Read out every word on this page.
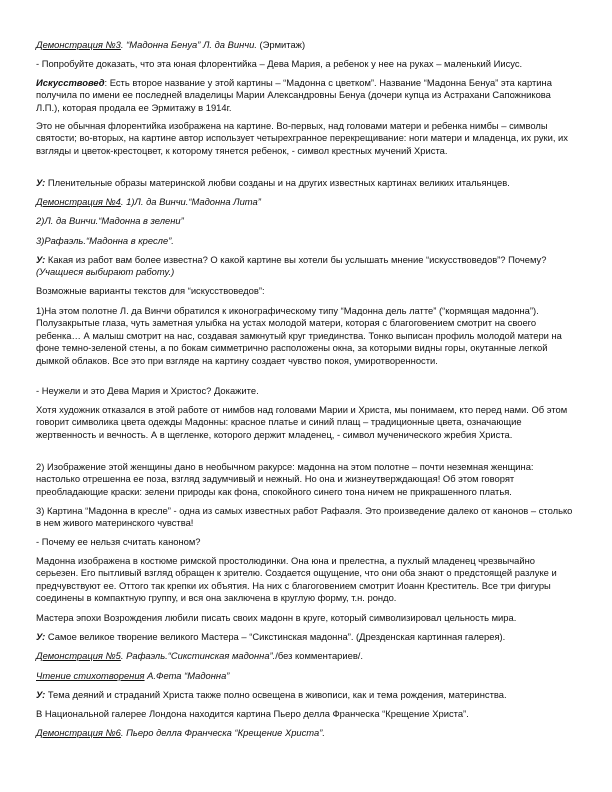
Демонстрация №3. “Мадонна Бенуа” Л. да Винчи. (Эрмитаж)

- Попробуйте доказать, что эта юная флорентийка – Дева Мария, а ребенок у нее на руках – маленький Иисус.

Искусствовед: Есть второе название у этой картины – “Мадонна с цветком”. Название “Мадонна Бенуа” эта картина получила по имени ее последней владелицы Марии Александровны Бенуа (дочери купца из Астрахани Сапожникова Л.П.), которая продала ее Эрмитажу в 1914г.

Это не обычная флорентийка изображена на картине. Во-первых, над головами матери и ребенка нимбы – символы святости; во-вторых, на картине автор использует четырехгранное перекрещивание: ноги матери и младенца, их руки, их взгляды и цветок-крестоцвет, к которому тянется ребенок, - символ крестных мучений Христа.

У: Пленительные образы материнской любви созданы и на других известных картинах великих итальянцев.

Демонстрация №4. 1)Л. да Винчи.“Мадонна Лита”

2)Л. да Винчи.“Мадонна в зелени”

3)Рафаэль.“Мадонна в кресле”.

У: Какая из работ вам более известна? О какой картине вы хотели бы услышать мнение “искусствоведов”? Почему? (Учащиеся выбирают работу.)

Возможные варианты текстов для “искусствоведов”:

1)На этом полотне Л. да Винчи обратился к иконографическому типу “Мадонна дель латте” (“кормящая мадонна”). Полузакрытые глаза, чуть заметная улыбка на устах молодой матери, которая с благоговением смотрит на своего ребенка… А малыш смотрит на нас, создавая замкнутый круг триединства. Тонко выписан профиль молодой матери на фоне темно-зеленой стены, а по бокам симметрично расположены окна, за которыми видны горы, окутанные легкой дымкой облаков. Все это при взгляде на картину создает чувство покоя, умиротворенности.

- Неужели и это Дева Мария и Христос? Докажите.

Хотя художник отказался в этой работе от нимбов над головами Марии и Христа, мы понимаем, кто перед нами. Об этом говорит символика цвета одежды Мадонны: красное платье и синий плащ – традиционные цвета, означающие жертвенность и вечность. А в щегленке, которого держит младенец, - символ мученического жребия Христа.

2) Изображение этой женщины дано в необычном ракурсе: мадонна на этом полотне – почти неземная женщина: настолько отрешенна ее поза, взгляд задумчивый и нежный. Но она и жизнеутверждающая! Об этом говорят преобладающие краски: зелени природы как фона, спокойного синего тона ничем не прикрашенного платья.

3) Картина “Мадонна в кресле” - одна из самых известных работ Рафаэля. Это произведение далеко от канонов – столько в нем живого материнского чувства!

- Почему ее нельзя считать каноном?

Мадонна изображена в костюме римской простолюдинки. Она юна и прелестна, а пухлый младенец чрезвычайно серьезен. Его пытливый взгляд обращен к зрителю. Создается ощущение, что они оба знают о предстоящей разлуке и предчувствуют ее. Оттого так крепки их объятия. На них с благоговением смотрит Иоанн Креститель. Все три фигуры соединены в компактную группу, и вся она заключена в круглую форму, т.н. рондо.

Мастера эпохи Возрождения любили писать своих мадонн в круге, который символизировал цельность мира.

У: Самое великое творение великого Мастера – “Сикстинская мадонна”. (Дрезденская картинная галерея).

Демонстрация №5. Рафаэль.“Сикстинская мадонна”./без комментариев/.

Чтение стихотворения А.Фета “Мадонна”

У: Тема деяний и страданий Христа также полно освещена в живописи, как и тема рождения, материнства.

В Национальной галерее Лондона находится картина Пьеро делла Франческа “Крещение Христа”.

Демонстрация №6. Пьеро делла Франческа “Крещение Христа”.
